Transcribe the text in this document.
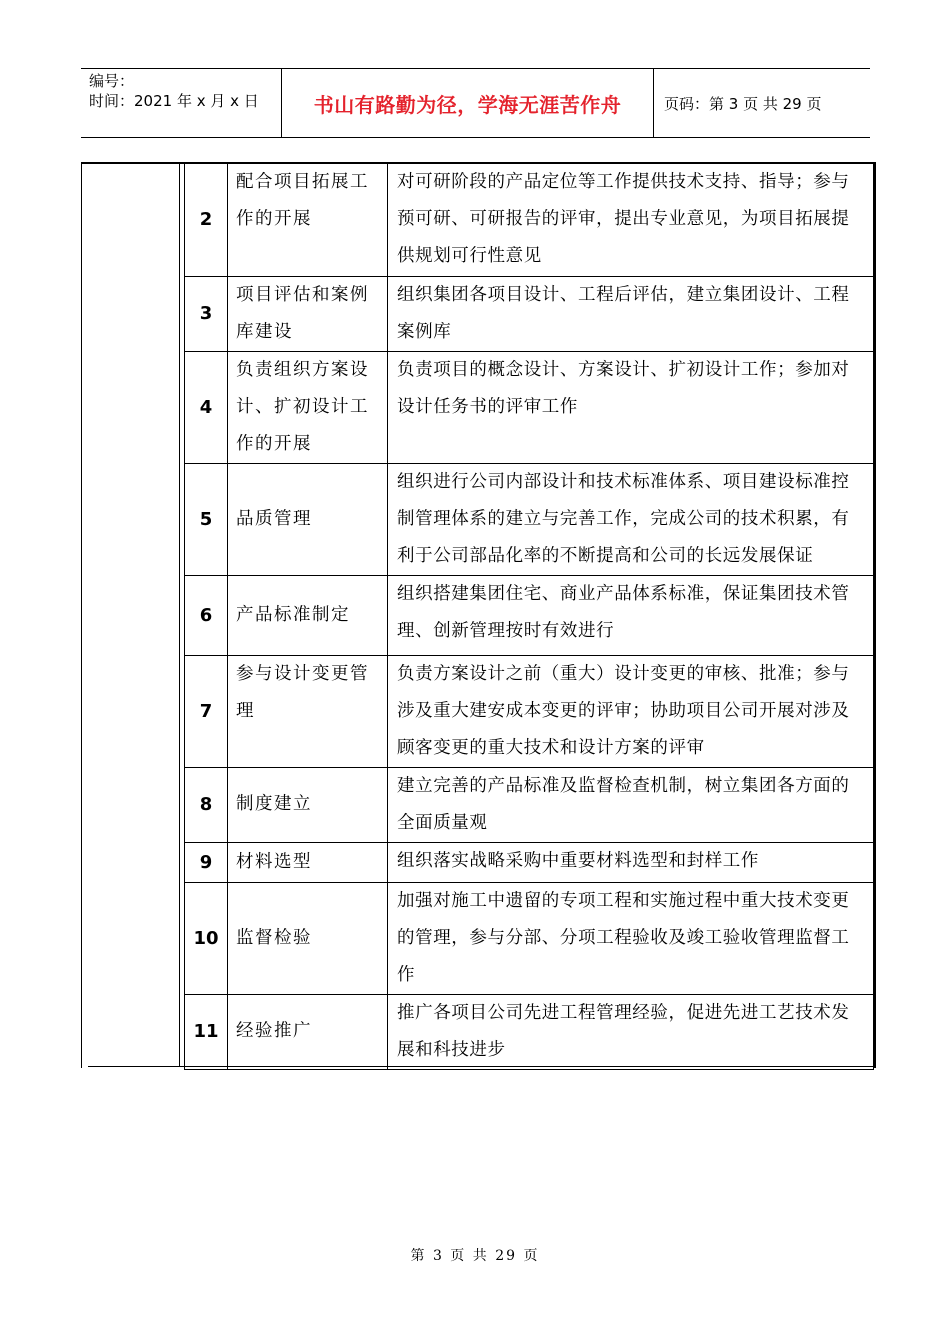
编号：
时间：2021 年 x 月 x 日	书山有路勤为径，学海无涯苦作舟	页码：第 3 页 共 29 页
2	配合项目拓展工作的开展	对可研阶段的产品定位等工作提供技术支持、指导；参与预可研、可研报告的评审，提出专业意见，为项目拓展提供规划可行性意见
3	项目评估和案例库建设	组织集团各项目设计、工程后评估，建立集团设计、工程案例库
4	负责组织方案设计、扩初设计工作的开展	负责项目的概念设计、方案设计、扩初设计工作；参加对设计任务书的评审工作
5	品质管理	组织进行公司内部设计和技术标准体系、项目建设标准控制管理体系的建立与完善工作，完成公司的技术积累，有利于公司部品化率的不断提高和公司的长远发展保证
6	产品标准制定	组织搭建集团住宅、商业产品体系标准，保证集团技术管理、创新管理按时有效进行
7	参与设计变更管理	负责方案设计之前（重大）设计变更的审核、批准；参与涉及重大建安成本变更的评审；协助项目公司开展对涉及顾客变更的重大技术和设计方案的评审
8	制度建立	建立完善的产品标准及监督检查机制，树立集团各方面的全面质量观
9	材料选型	组织落实战略采购中重要材料选型和封样工作
10	监督检验	加强对施工中遗留的专项工程和实施过程中重大技术变更的管理，参与分部、分项工程验收及竣工验收管理监督工作
11	经验推广	推广各项目公司先进工程管理经验，促进先进工艺技术发展和科技进步
第 3 页 共 29 页
